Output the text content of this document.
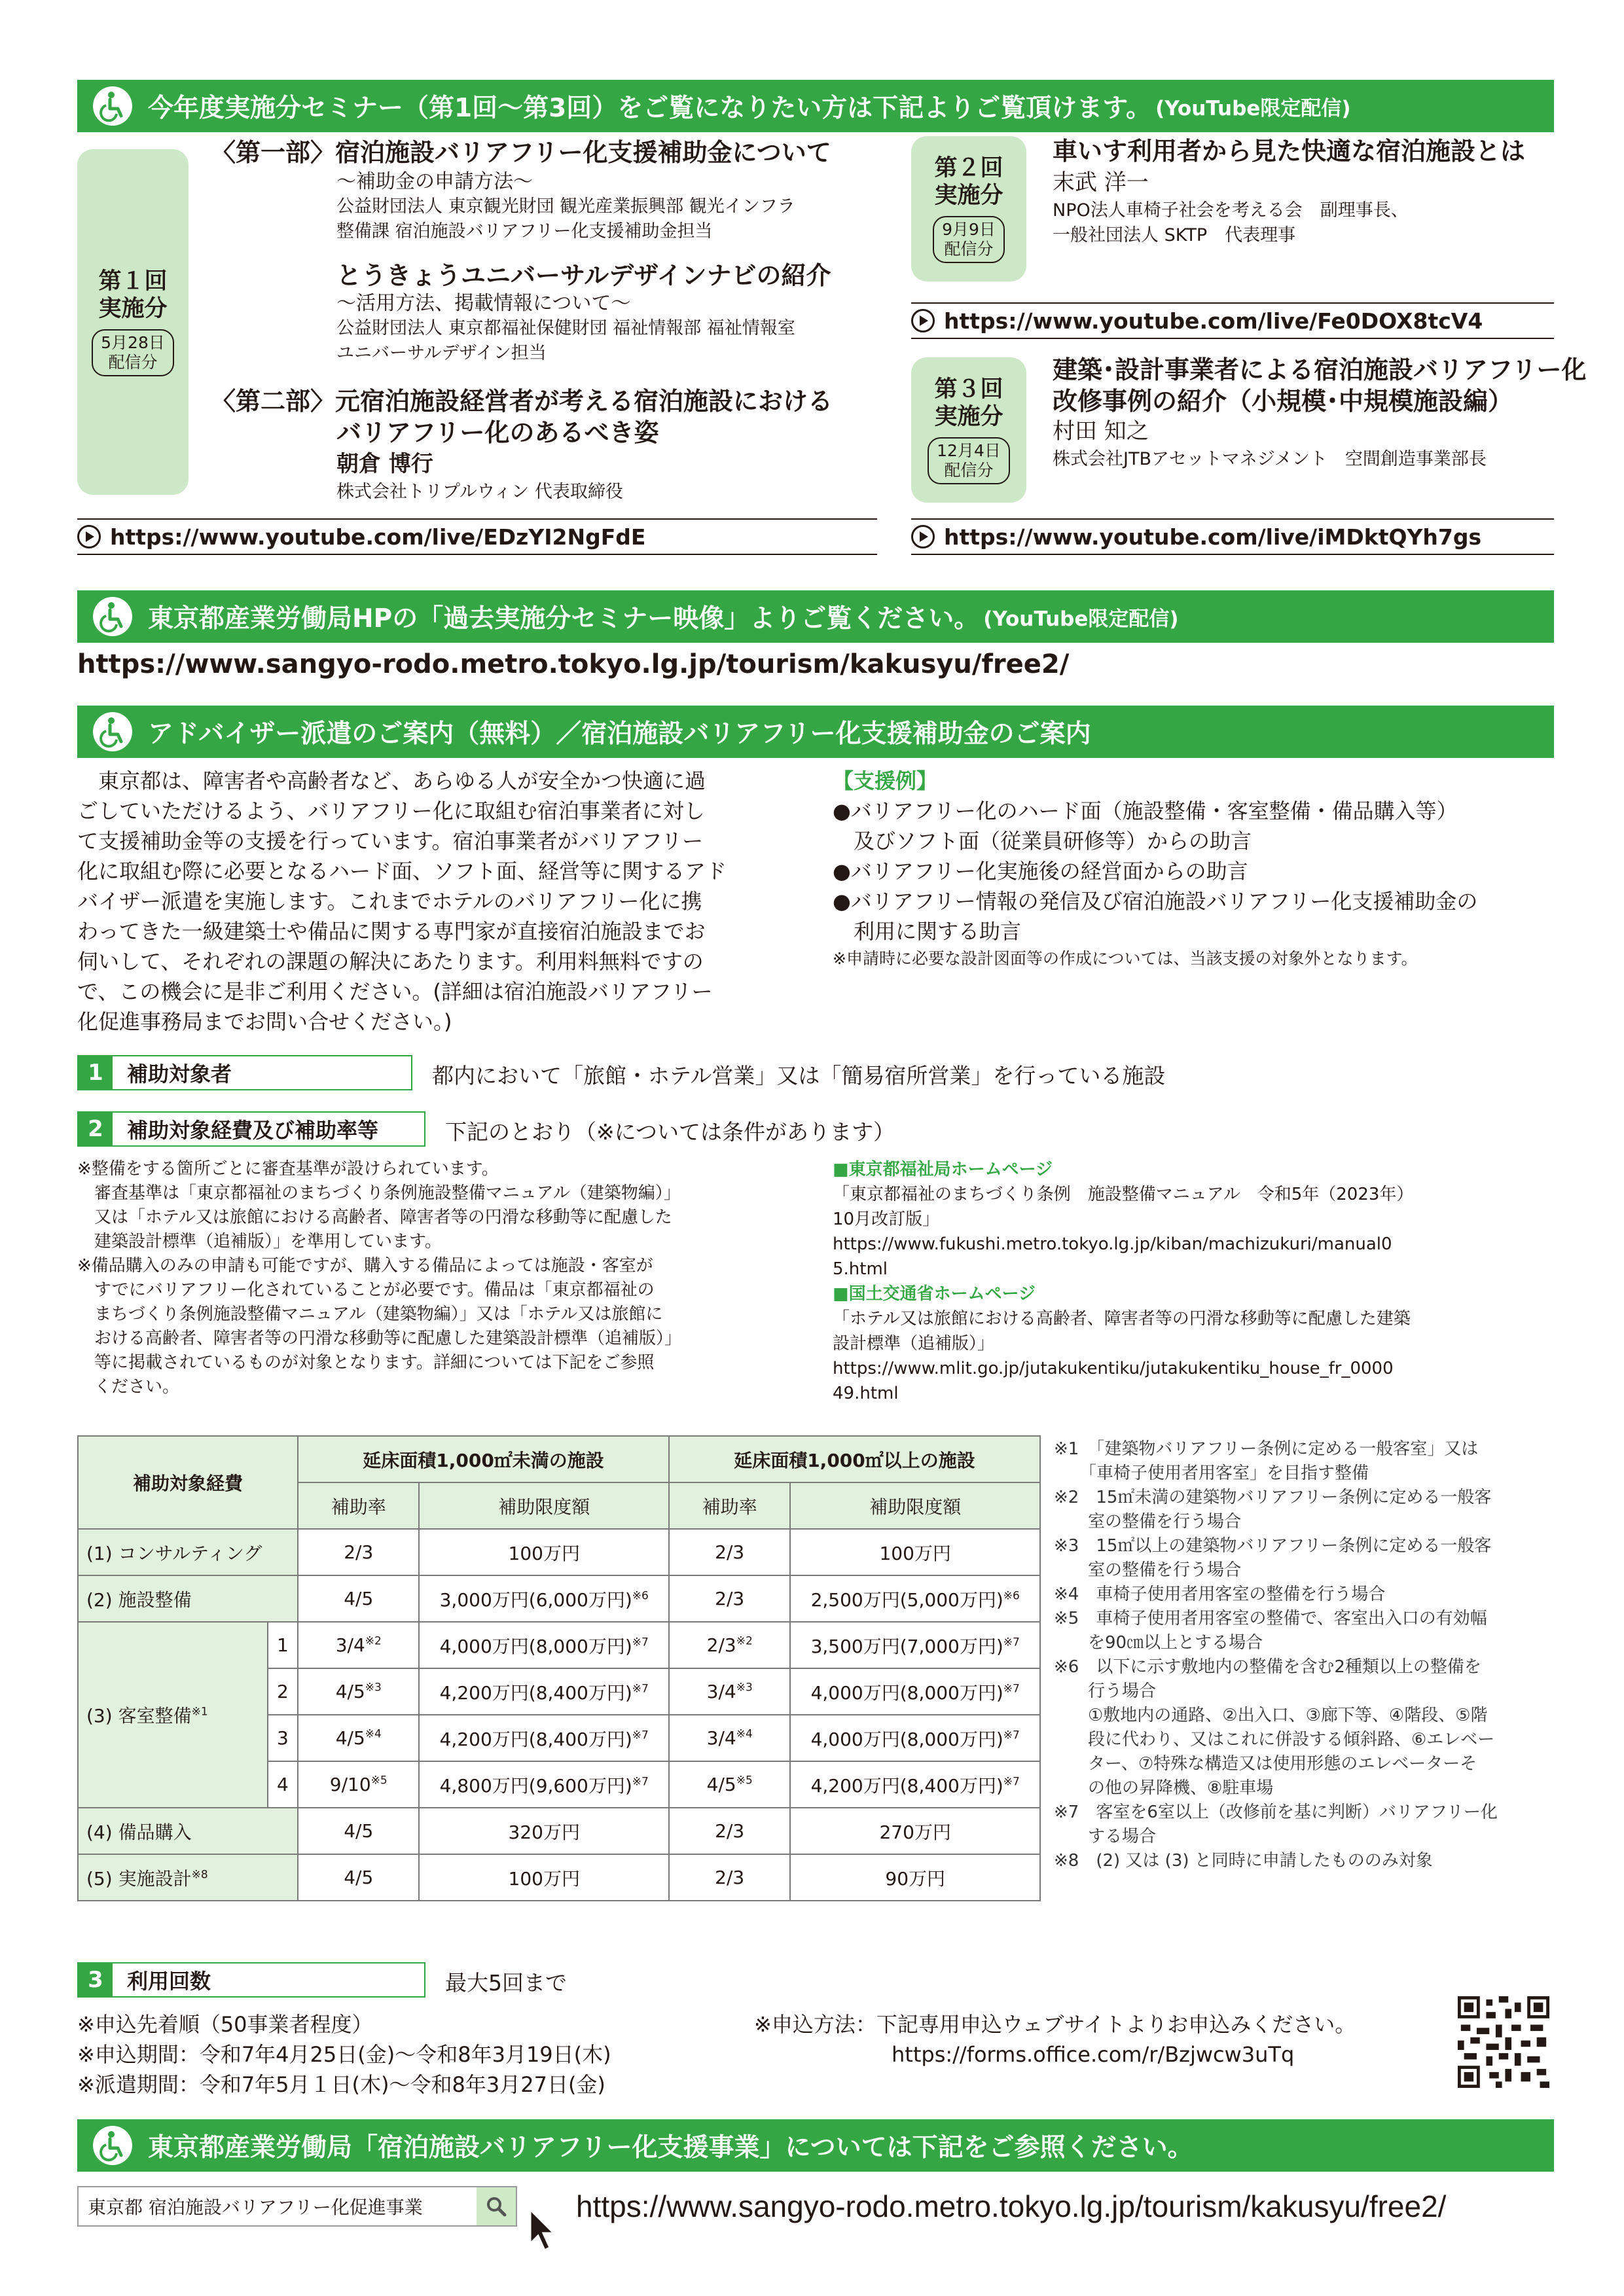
今年度実施分セミナー（第1回～第3回）をご覧になりたい方は下記よりご覧頂けます。 (YouTube限定配信)
第１回
実施分
5月28日
配信分
〈第一部〉宿泊施設バリアフリー化支援補助金について
～補助金の申請方法～
公益財団法人 東京観光財団 観光産業振興部 観光インフラ
整備課 宿泊施設バリアフリー化支援補助金担当
とうきょうユニバーサルデザインナビの紹介
～活用方法、掲載情報について～
公益財団法人 東京都福祉保健財団 福祉情報部 福祉情報室
ユニバーサルデザイン担当
〈第二部〉元宿泊施設経営者が考える宿泊施設における
バリアフリー化のあるべき姿
朝倉 博行
株式会社トリプルウィン 代表取締役
https://www.youtube.com/live/EDzYI2NgFdE
第２回
実施分
9月9日
配信分
車いす利用者から見た快適な宿泊施設とは
末武 洋一
NPO法人車椅子社会を考える会　副理事長、
一般社団法人 SKTP　代表理事
https://www.youtube.com/live/Fe0DOX8tcV4
第３回
実施分
12月4日
配信分
建築･設計事業者による宿泊施設バリアフリー化
改修事例の紹介（小規模･中規模施設編）
村田 知之
株式会社JTBアセットマネジメント　空間創造事業部長
https://www.youtube.com/live/iMDktQYh7gs
東京都産業労働局HPの「過去実施分セミナー映像」よりご覧ください。 (YouTube限定配信)
https://www.sangyo-rodo.metro.tokyo.lg.jp/tourism/kakusyu/free2/
アドバイザー派遣のご案内（無料）／宿泊施設バリアフリー化支援補助金のご案内
　東京都は、障害者や高齢者など、あらゆる人が安全かつ快適に過
ごしていただけるよう、バリアフリー化に取組む宿泊事業者に対し
て支援補助金等の支援を行っています。宿泊事業者がバリアフリー
化に取組む際に必要となるハード面、ソフト面、経営等に関するアド
バイザー派遣を実施します。これまでホテルのバリアフリー化に携
わってきた一級建築士や備品に関する専門家が直接宿泊施設までお
伺いして、それぞれの課題の解決にあたります。利用料無料ですの
で、この機会に是非ご利用ください。(詳細は宿泊施設バリアフリー
化促進事務局までお問い合せください。)
【支援例】
●バリアフリー化のハード面（施設整備・客室整備・備品購入等）
　及びソフト面（従業員研修等）からの助言
●バリアフリー化実施後の経営面からの助言
●バリアフリー情報の発信及び宿泊施設バリアフリー化支援補助金の
　利用に関する助言
※申請時に必要な設計図面等の作成については、当該支援の対象外となります。
1	補助対象者	都内において「旅館・ホテル営業」又は「簡易宿所営業」を行っている施設
2	補助対象経費及び補助率等	下記のとおり（※については条件があります）
※整備をする箇所ごとに審査基準が設けられています。
　審査基準は「東京都福祉のまちづくり条例施設整備マニュアル（建築物編）」
　又は「ホテル又は旅館における高齢者、障害者等の円滑な移動等に配慮した
　建築設計標準（追補版）」を準用しています。
※備品購入のみの申請も可能ですが、購入する備品によっては施設・客室が
　すでにバリアフリー化されていることが必要です。備品は「東京都福祉の
　まちづくり条例施設整備マニュアル（建築物編）」又は「ホテル又は旅館に
　おける高齢者、障害者等の円滑な移動等に配慮した建築設計標準（追補版）」
　等に掲載されているものが対象となります。詳細については下記をご参照
　ください。
■東京都福祉局ホームページ
「東京都福祉のまちづくり条例　施設整備マニュアル　令和5年（2023年）
10月改訂版」
https://www.fukushi.metro.tokyo.lg.jp/kiban/machizukuri/manual0
5.html
■国土交通省ホームページ
「ホテル又は旅館における高齢者、障害者等の円滑な移動等に配慮した建築
設計標準（追補版）」
https://www.mlit.go.jp/jutakukentiku/jutakukentiku_house_fr_0000
49.html
補助対象経費		延床面積1,000㎡未満の施設		延床面積1,000㎡以上の施設	
		補助率	補助限度額	補助率	補助限度額
(1) コンサルティング		2/3	100万円	2/3	100万円
(2) 施設整備		4/5	3,000万円(6,000万円)$^{※6}$	2/3	2,500万円(5,000万円)$^{※6}$
(3) 客室整備$^{※1}$	1	3/4$^{※2}$	4,000万円(8,000万円)$^{※7}$	2/3$^{※2}$	3,500万円(7,000万円)$^{※7}$
	2	4/5$^{※3}$	4,200万円(8,400万円)$^{※7}$	3/4$^{※3}$	4,000万円(8,000万円)$^{※7}$
	3	4/5$^{※4}$	4,200万円(8,400万円)$^{※7}$	3/4$^{※4}$	4,000万円(8,000万円)$^{※7}$
	4	9/10$^{※5}$	4,800万円(9,600万円)$^{※7}$	4/5$^{※5}$	4,200万円(8,400万円)$^{※7}$
(4) 備品購入		4/5	320万円	2/3	270万円
(5) 実施設計$^{※8}$		4/5	100万円	2/3	90万円
※1　「建築物バリアフリー条例に定める一般客室」又は
　　「車椅子使用者用客室」を目指す整備
※2　15㎡未満の建築物バリアフリー条例に定める一般客
　　室の整備を行う場合
※3　15㎡以上の建築物バリアフリー条例に定める一般客
　　室の整備を行う場合
※4　車椅子使用者用客室の整備を行う場合
※5　車椅子使用者用客室の整備で、客室出入口の有効幅
　　を90㎝以上とする場合
※6　以下に示す敷地内の整備を含む2種類以上の整備を
　　行う場合
　　①敷地内の通路、②出入口、③廊下等、④階段、⑤階
　　段に代わり、又はこれに併設する傾斜路、⑥エレベー
　　ター、⑦特殊な構造又は使用形態のエレベーターそ
　　の他の昇降機、⑧駐車場
※7　客室を6室以上（改修前を基に判断）バリアフリー化
　　する場合
※8　(2) 又は (3) と同時に申請したもののみ対象
3	利用回数	最大5回まで
※申込先着順（50事業者程度）
※申込期間：令和7年4月25日(金)～令和8年3月19日(木)
※派遣期間：令和7年5月１日(木)～令和8年3月27日(金)
※申込方法：下記専用申込ウェブサイトよりお申込みください。
https://forms.office.com/r/Bzjwcw3uTq
東京都産業労働局「宿泊施設バリアフリー化支援事業」については下記をご参照ください。
東京都 宿泊施設バリアフリー化促進事業	https://www.sangyo-rodo.metro.tokyo.lg.jp/tourism/kakusyu/free2/
